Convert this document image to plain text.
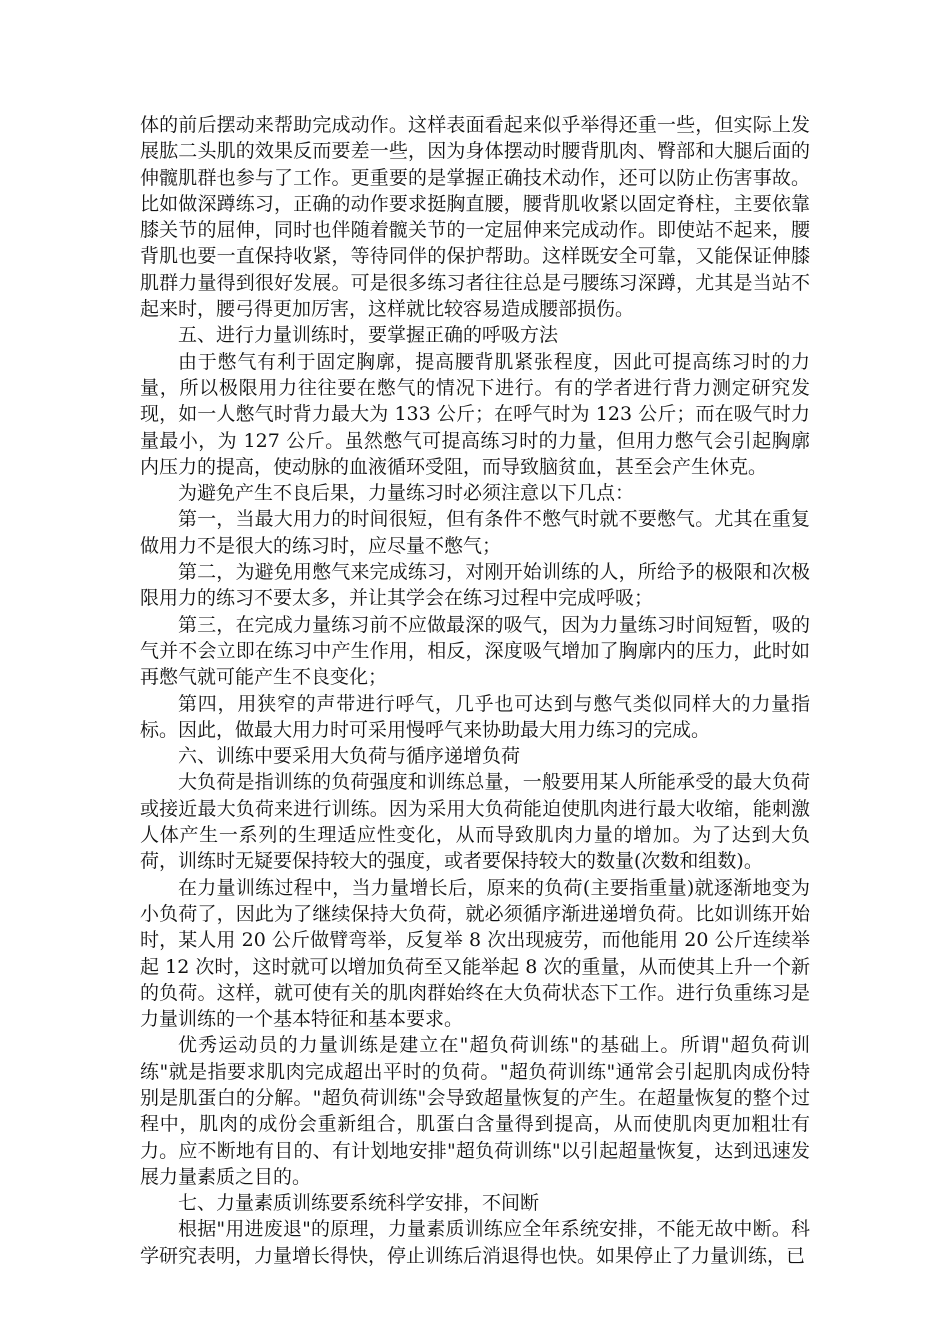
体的前后摆动来帮助完成动作。这样表面看起来似乎举得还重一些，但实际上发展肱二头肌的效果反而要差一些，因为身体摆动时腰背肌肉、臀部和大腿后面的伸髋肌群也参与了工作。更重要的是掌握正确技术动作，还可以防止伤害事故。比如做深蹲练习，正确的动作要求挺胸直腰，腰背肌收紧以固定脊柱，主要依靠膝关节的屈伸，同时也伴随着髋关节的一定屈伸来完成动作。即使站不起来，腰背肌也要一直保持收紧，等待同伴的保护帮助。这样既安全可靠，又能保证伸膝肌群力量得到很好发展。可是很多练习者往往总是弓腰练习深蹲，尤其是当站不起来时，腰弓得更加厉害，这样就比较容易造成腰部损伤。

五、进行力量训练时，要掌握正确的呼吸方法

由于憋气有利于固定胸廓，提高腰背肌紧张程度，因此可提高练习时的力量，所以极限用力往往要在憋气的情况下进行。有的学者进行背力测定研究发现，如一人憋气时背力最大为 133 公斤；在呼气时为 123 公斤；而在吸气时力量最小，为 127 公斤。虽然憋气可提高练习时的力量，但用力憋气会引起胸廓内压力的提高，使动脉的血液循环受阻，而导致脑贫血，甚至会产生休克。

为避免产生不良后果，力量练习时必须注意以下几点：

第一，当最大用力的时间很短，但有条件不憋气时就不要憋气。尤其在重复做用力不是很大的练习时，应尽量不憋气；

第二，为避免用憋气来完成练习，对刚开始训练的人，所给予的极限和次极限用力的练习不要太多，并让其学会在练习过程中完成呼吸；

第三，在完成力量练习前不应做最深的吸气，因为力量练习时间短暂，吸的气并不会立即在练习中产生作用，相反，深度吸气增加了胸廓内的压力，此时如再憋气就可能产生不良变化；

第四，用狭窄的声带进行呼气，几乎也可达到与憋气类似同样大的力量指标。因此，做最大用力时可采用慢呼气来协助最大用力练习的完成。

六、训练中要采用大负荷与循序递增负荷

大负荷是指训练的负荷强度和训练总量，一般要用某人所能承受的最大负荷或接近最大负荷来进行训练。因为采用大负荷能迫使肌肉进行最大收缩，能刺激人体产生一系列的生理适应性变化，从而导致肌肉力量的增加。为了达到大负荷，训练时无疑要保持较大的强度，或者要保持较大的数量(次数和组数)。

在力量训练过程中，当力量增长后，原来的负荷(主要指重量)就逐渐地变为小负荷了，因此为了继续保持大负荷，就必须循序渐进递增负荷。比如训练开始时，某人用 20 公斤做臂弯举，反复举 8 次出现疲劳，而他能用 20 公斤连续举起 12 次时，这时就可以增加负荷至又能举起 8 次的重量，从而使其上升一个新的负荷。这样，就可使有关的肌肉群始终在大负荷状态下工作。进行负重练习是力量训练的一个基本特征和基本要求。

优秀运动员的力量训练是建立在"超负荷训练"的基础上。所谓"超负荷训练"就是指要求肌肉完成超出平时的负荷。"超负荷训练"通常会引起肌肉成份特别是肌蛋白的分解。"超负荷训练"会导致超量恢复的产生。在超量恢复的整个过程中，肌肉的成份会重新组合，肌蛋白含量得到提高，从而使肌肉更加粗壮有力。应不断地有目的、有计划地安排"超负荷训练"以引起超量恢复，达到迅速发展力量素质之目的。

七、力量素质训练要系统科学安排，不间断

根据"用进废退"的原理，力量素质训练应全年系统安排，不能无故中断。科学研究表明，力量增长得快，停止训练后消退得也快。如果停止了力量训练，已
